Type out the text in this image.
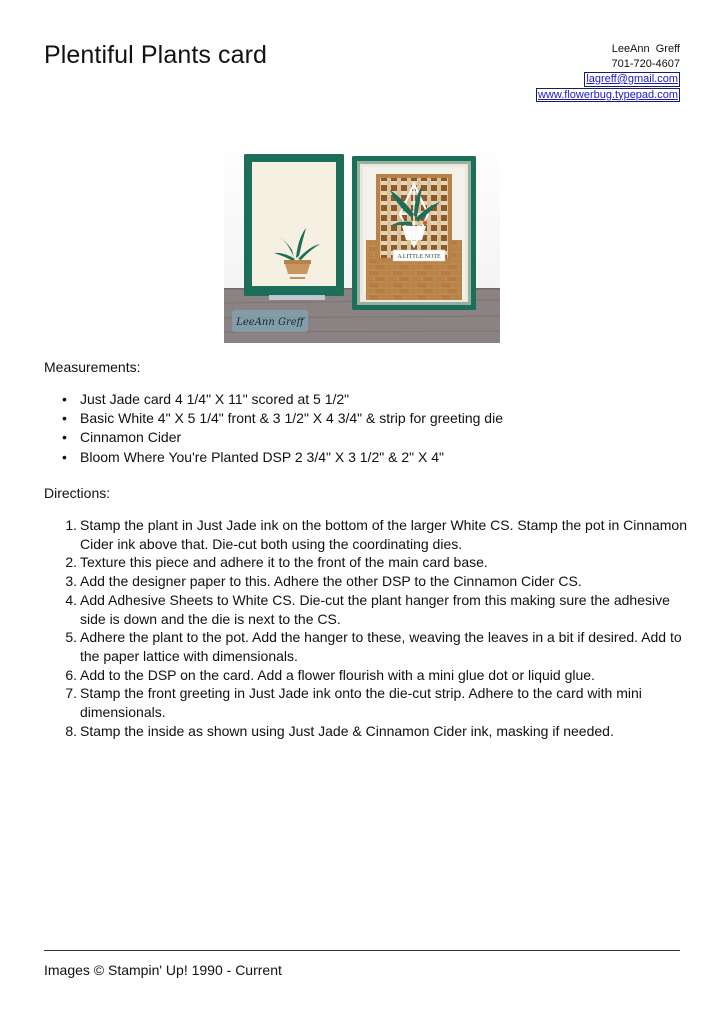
Plentiful Plants card	LeeAnn  Greff
701-720-4607
lagreff@gmail.com
www.flowerbug.typepad.com
A LITTLE NOTE
LeeAnn Greff
Measurements:
• Just Jade card 4 1/4" X 11" scored at 5 1/2"
• Basic White 4" X 5 1/4" front & 3 1/2" X 4 3/4" & strip for greeting die
• Cinnamon Cider
• Bloom Where You're Planted DSP 2 3/4" X 3 1/2" & 2" X 4"
Directions:
1. Stamp the plant in Just Jade ink on the bottom of the larger White CS. Stamp the pot in Cinnamon Cider ink above that. Die-cut both using the coordinating dies.
2. Texture this piece and adhere it to the front of the main card base.
3. Add the designer paper to this. Adhere the other DSP to the Cinnamon Cider CS.
4. Add Adhesive Sheets to White CS. Die-cut the plant hanger from this making sure the adhesive side is down and the die is next to the CS.
5. Adhere the plant to the pot. Add the hanger to these, weaving the leaves in a bit if desired. Add to the paper lattice with dimensionals.
6. Add to the DSP on the card. Add a flower flourish with a mini glue dot or liquid glue.
7. Stamp the front greeting in Just Jade ink onto the die-cut strip. Adhere to the card with mini dimensionals.
8. Stamp the inside as shown using Just Jade & Cinnamon Cider ink, masking if needed.
Images © Stampin' Up! 1990 - Current
